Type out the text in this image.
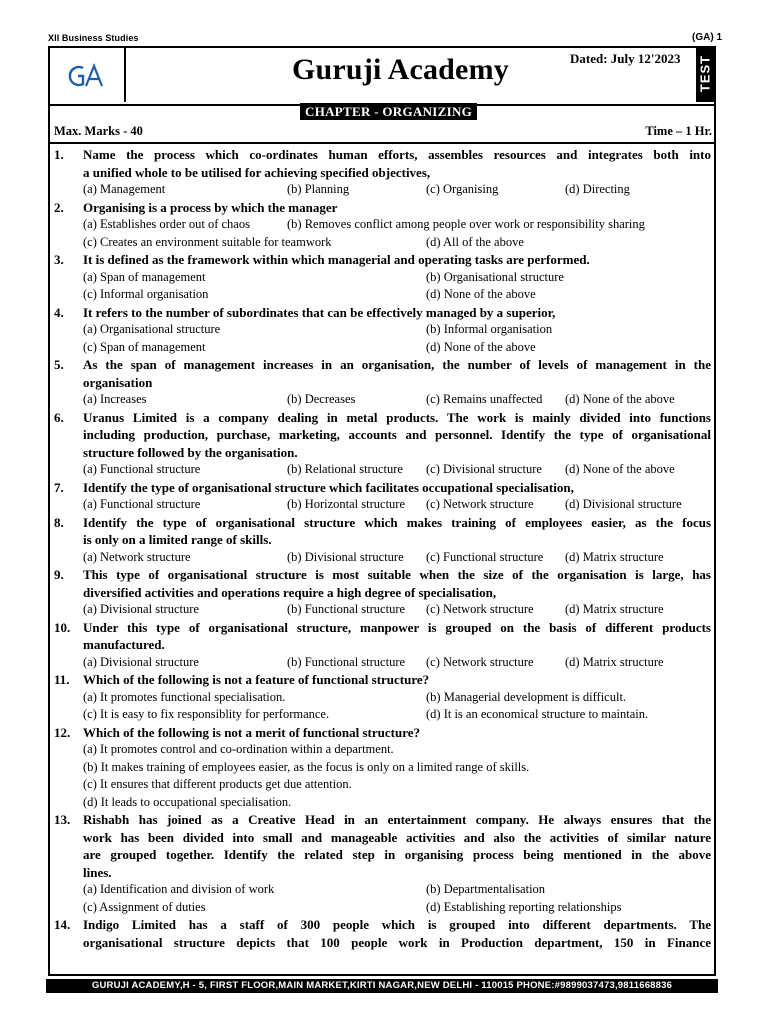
XII Business Studies	(GA) 1
Guruji Academy	Dated: July 12'2023 TEST
CHAPTER - ORGANIZING
Max. Marks - 40	Time – 1 Hr.
1. Name the process which co-ordinates human efforts, assembles resources and integrates both into
a unified whole to be utilised for achieving specified objectives,
(a) Management	(b) Planning	(c) Organising	(d) Directing
2. Organising is a process by which the manager
(a) Establishes order out of chaos	(b) Removes conflict among people over work or responsibility sharing
(c) Creates an environment suitable for teamwork	(d) All of the above
3. It is defined as the framework within which managerial and operating tasks are performed.
(a) Span of management	(b) Organisational structure
(c) Informal organisation	(d) None of the above
4. It refers to the number of subordinates that can be effectively managed by a superior,
(a) Organisational structure	(b) Informal organisation
(c) Span of management	(d) None of the above
5. As the span of management increases in an organisation, the number of levels of management in the
organisation
(a) Increases	(b) Decreases	(c) Remains unaffected (d) None of the above
6. Uranus Limited is a company dealing in metal products. The work is mainly divided into functions
including production, purchase, marketing, accounts and personnel. Identify the type of organisational
structure followed by the organisation.
(a) Functional structure	(b) Relational structure (c) Divisional structure (d) None of the above
7. Identify the type of organisational structure which facilitates occupational specialisation,
(a) Functional structure	(b) Horizontal structure (c) Network structure	(d) Divisional structure
8. Identify the type of organisational structure which makes training of employees easier, as the focus
is only on a limited range of skills.
(a) Network structure	(b) Divisional structure (c) Functional structure (d) Matrix structure
9. This type of organisational structure is most suitable when the size of the organisation is large, has
diversified activities and operations require a high degree of specialisation,
(a) Divisional structure	(b) Functional structure (c) Network structure	(d) Matrix structure
10. Under this type of organisational structure, manpower is grouped on the basis of different products
manufactured.
(a) Divisional structure	(b) Functional structure (c) Network structure	(d) Matrix structure
11. Which of the following is not a feature of functional structure?
(a) It promotes functional specialisation.	(b) Managerial development is difficult.
(c) It is easy to fix responsiblity for performance.	(d) It is an economical structure to maintain.
12. Which of the following is not a merit of functional structure?
(a) It promotes control and co-ordination within a department.
(b) It makes training of employees easier, as the focus is only on a limited range of skills.
(c) It ensures that different products get due attention.
(d) It leads to occupational specialisation.
13. Rishabh has joined as a Creative Head in an entertainment company. He always ensures that the
work has been divided into small and manageable activities and also the activities of similar nature
are grouped together. Identify the related step in organising process being mentioned in the above
lines.
(a) Identification and division of work	(b) Departmentalisation
(c) Assignment of duties	(d) Establishing reporting relationships
14. Indigo Limited has a staff of 300 people which is grouped into different departments. The
organisational structure depicts that 100 people work in Production department, 150 in Finance
GURUJI ACADEMY,H - 5, FIRST FLOOR,MAIN MARKET,KIRTI NAGAR,NEW DELHI - 110015 PHONE:#9899037473,9811668836
